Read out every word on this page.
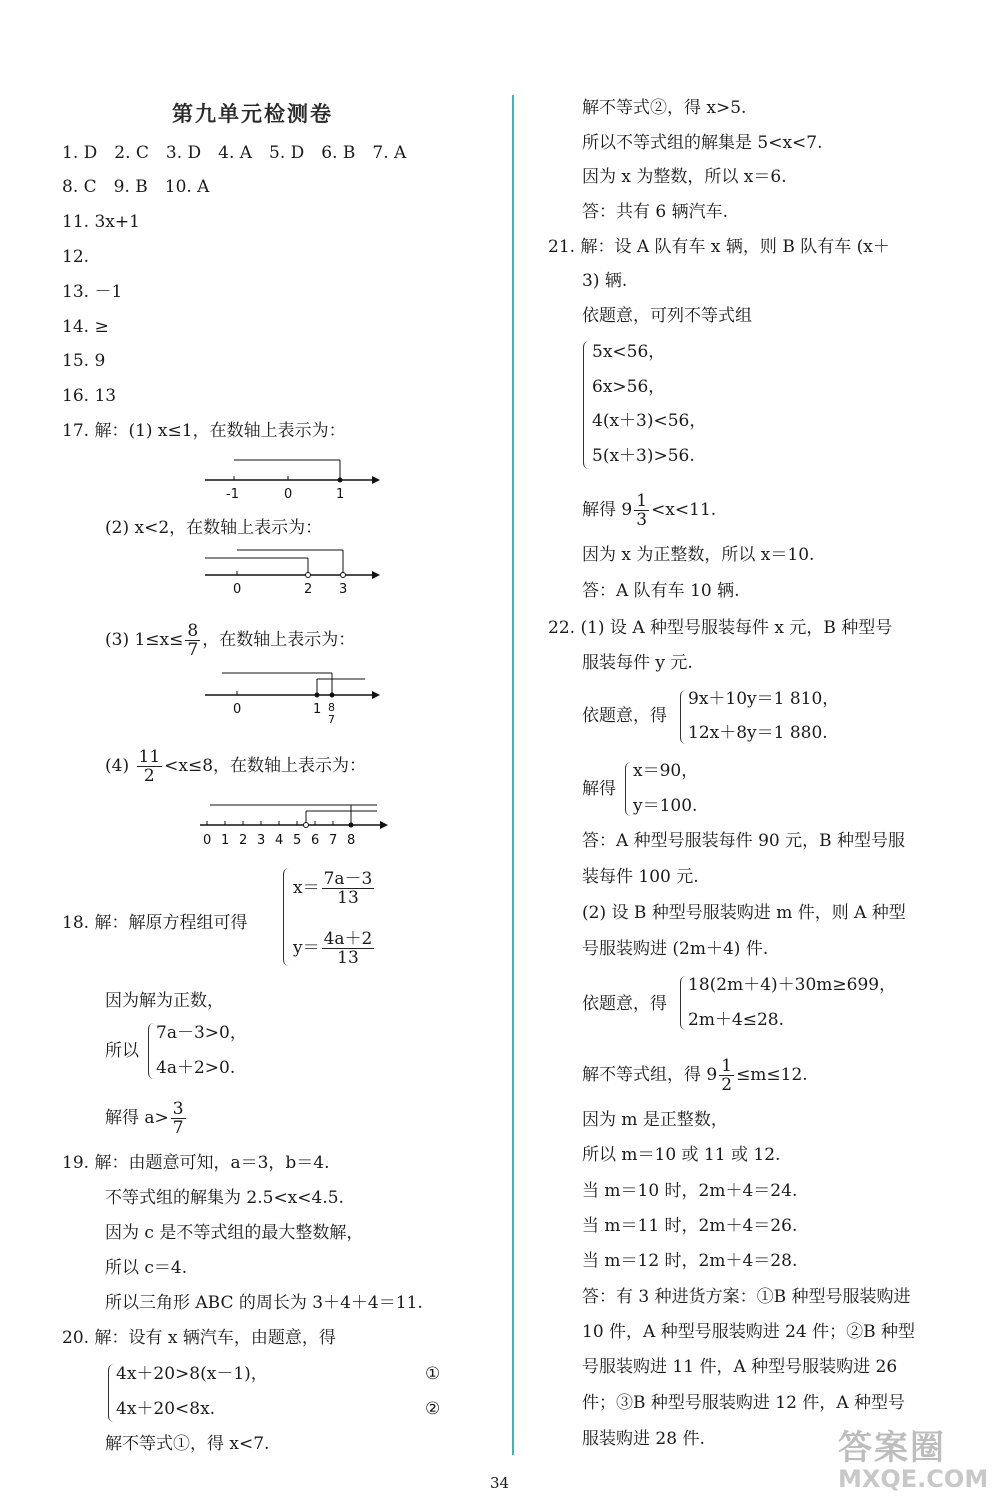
第九单元检测卷
1. D　2. C　3. D　4. A　5. D　6. B　7. A
8. C　9. B　10. A
11. 3x+1
12.
13. －1
14. ≥
15. 9
16. 13
17. 解：(1) x≤1，在数轴上表示为：
-1	0	1
(2) x<2，在数轴上表示为：
0	2 3
(3) $1\le x\le \frac{8}{7}$ ，在数轴上表示为：
0	1 8
7
$(4) \frac{11}{2} <x\le 8$，在数轴上表示为：
0 1 2 3 4 5 6 7 8
18. 解：解原方程组可得
$x= \frac{7a-3}{13}$
$y= \frac{4a+2}{13}$
因为解为正数，
所以
7a－3>0，
4a＋2>0.
解得 $a> \frac{3}{7}$
19. 解：由题意可知，a＝3，b＝4.
不等式组的解集为 2.5<x<4.5.
因为 c 是不等式组的最大整数解，
所以 c＝4.
所以三角形 ABC 的周长为 3＋4＋4＝11.
20. 解：设有 x 辆汽车，由题意，得
4x＋20>8(x－1)，	①
4x＋20<8x.	②
解不等式①，得 x<7.
解不等式②，得 x>5.
所以不等式组的解集是 5<x<7.
因为 x 为整数，所以 x＝6.
答：共有 6 辆汽车.
21. 解：设 A 队有车 x 辆，则 B 队有车 (x＋
3) 辆.
依题意，可列不等式组
5x<56，
6x>56，
4(x＋3)<56，
5(x＋3)>56.
解得 $9 \frac{1}{3} <x<11$.
因为 x 为正整数，所以 x＝10.
答：A 队有车 10 辆.
22. (1) 设 A 种型号服装每件 x 元，B 种型号
服装每件 y 元.
依题意，得
9x＋10y＝1 810，
12x＋8y＝1 880.
解得
x＝90，
y＝100.
答：A 种型号服装每件 90 元，B 种型号服
装每件 100 元.
(2) 设 B 种型号服装购进 m 件，则 A 种型
号服装购进 (2m＋4) 件.
依题意，得
18(2m＋4)＋30m≥699，
2m＋4≤28.
解不等式组，得 $9 \frac{1}{2} \le m\le 12$.
因为 m 是正整数，
所以 m＝10 或 11 或 12.
当 m＝10 时，2m＋4＝24.
当 m＝11 时，2m＋4＝26.
当 m＝12 时，2m＋4＝28.
答：有 3 种进货方案：①B 种型号服装购进
10 件，A 种型号服装购进 24 件；②B 种型
号服装购进 11 件，A 种型号服装购进 26
件；③B 种型号服装购进 12 件，A 种型号
服装购进 28 件.
34
答案圈
MXQE.COM
